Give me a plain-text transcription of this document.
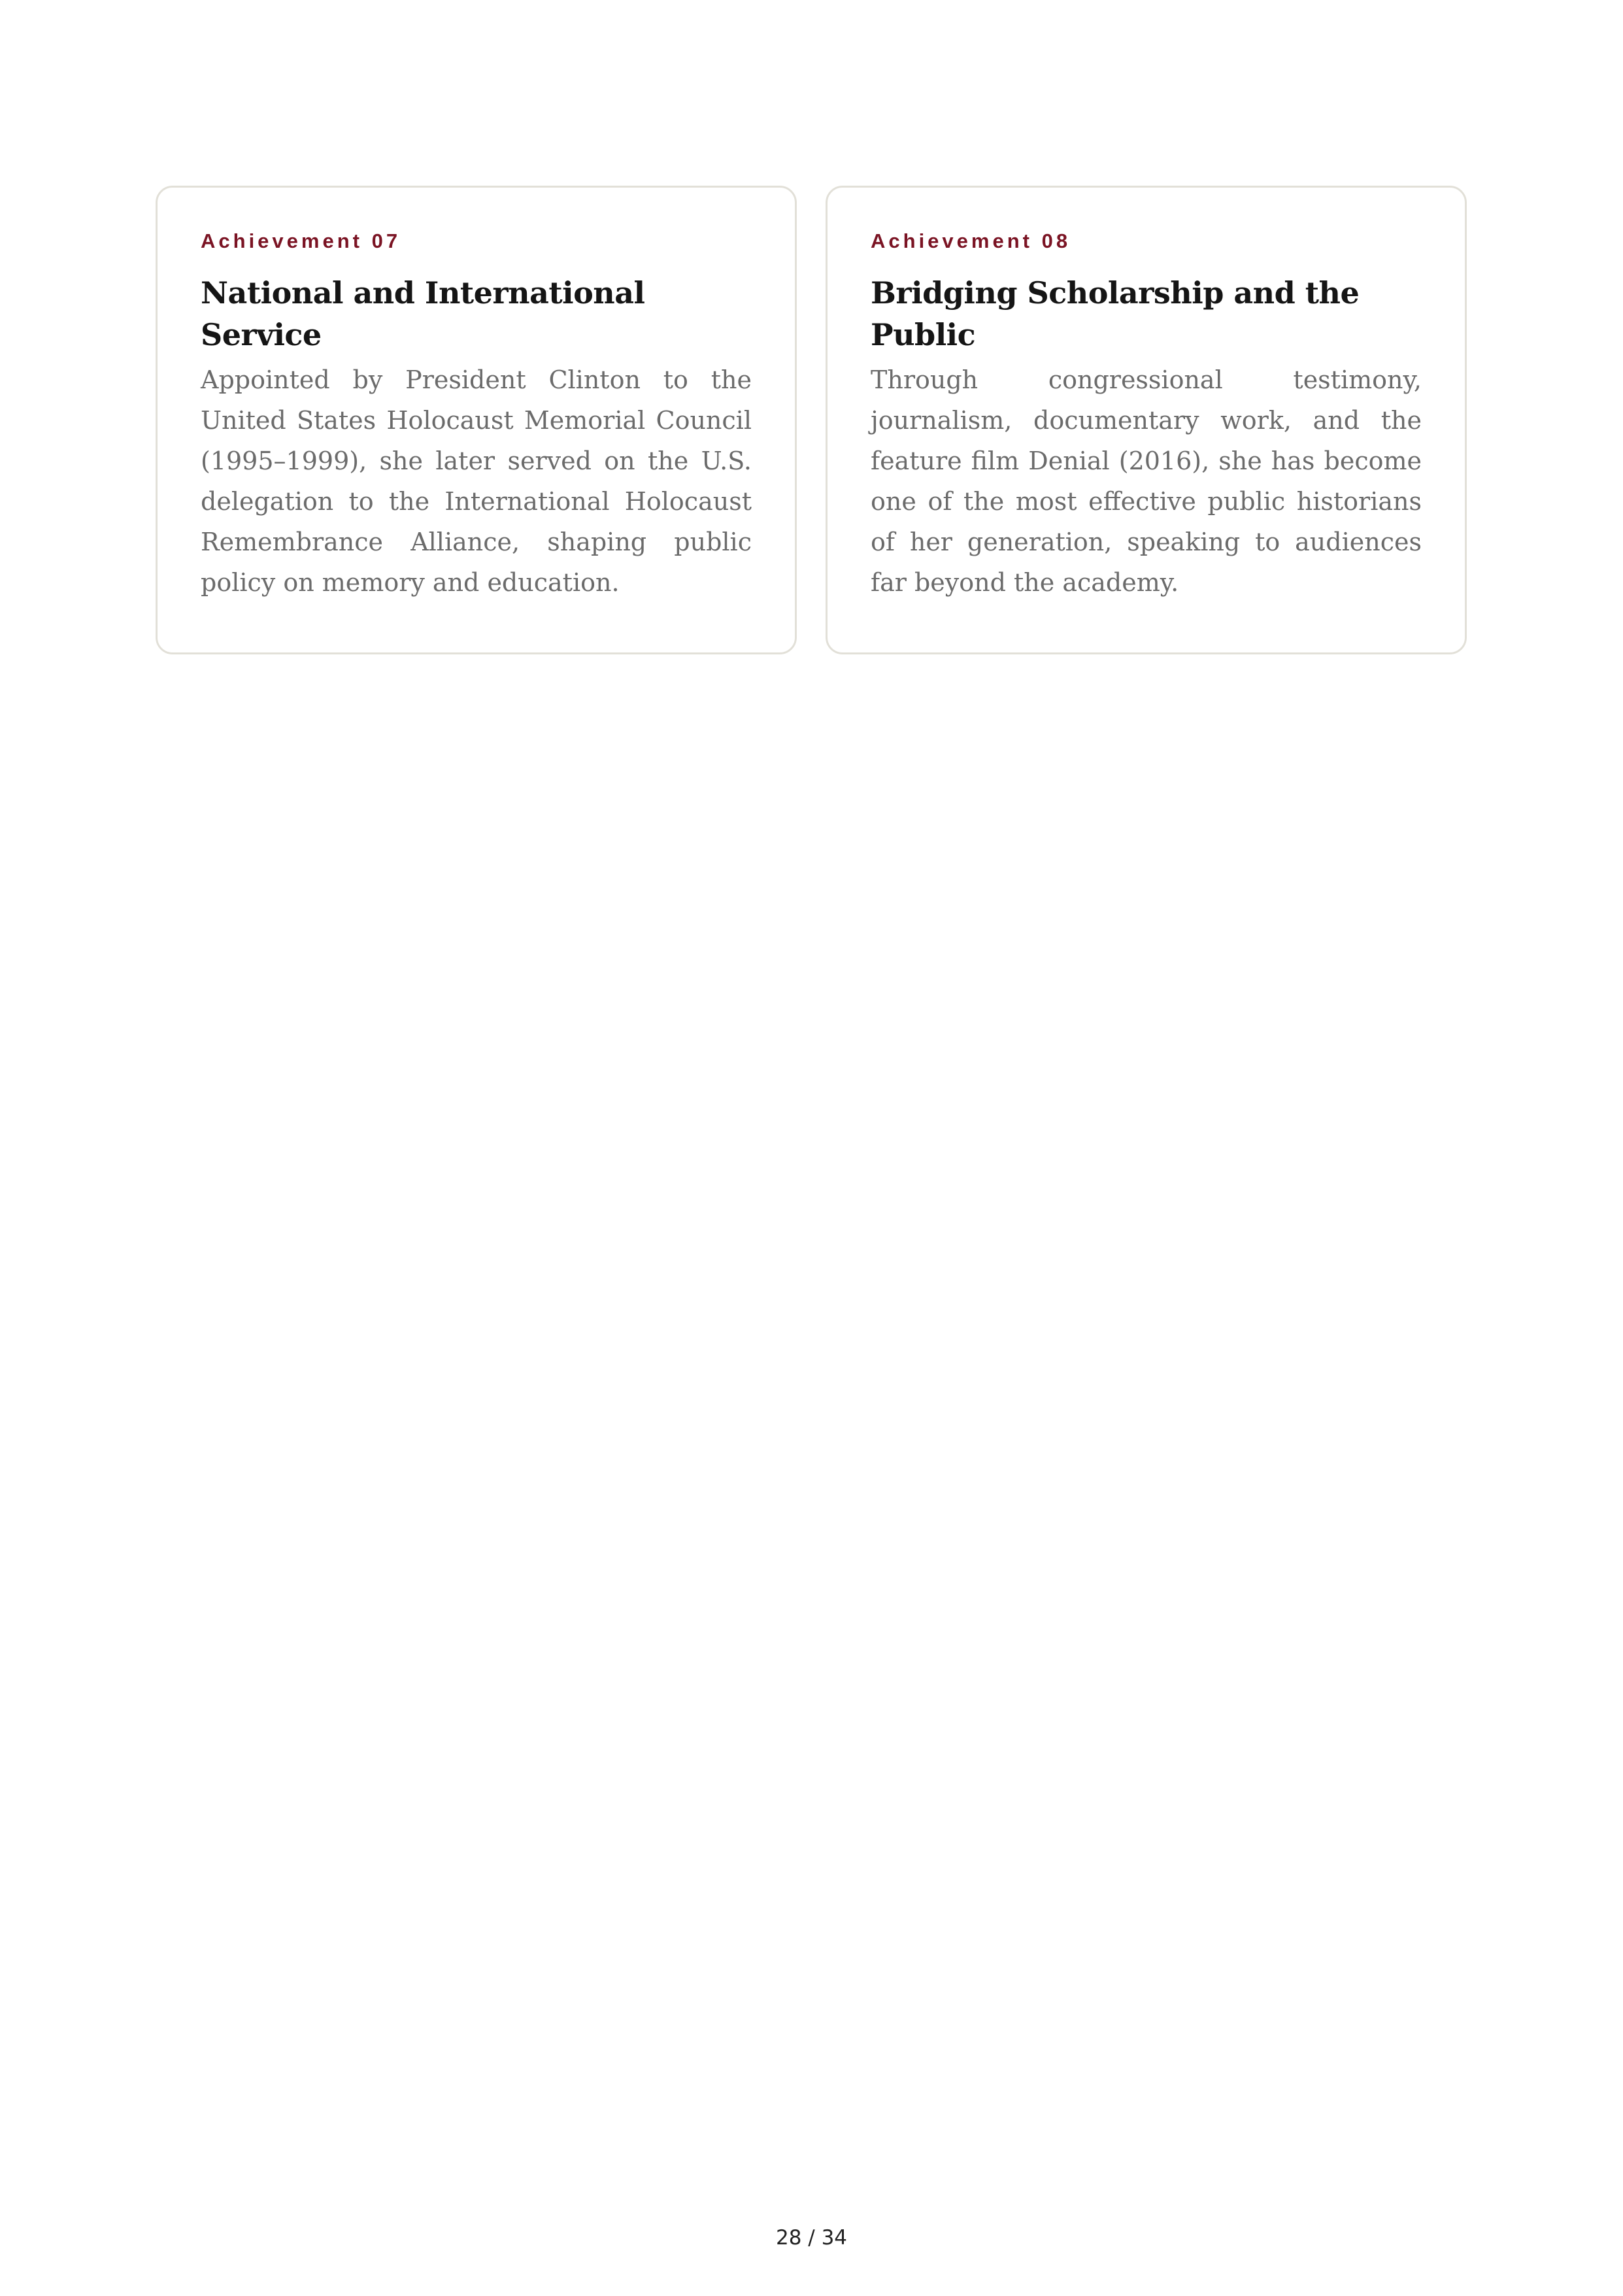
Achievement 07
National and International Service

Appointed by President Clinton to the United States Holocaust Memorial Council (1995–1999), she later served on the U.S. delegation to the International Holocaust Remembrance Alliance, shaping public policy on memory and education.

Achievement 08
Bridging Scholarship and the Public

Through congressional testimony, journalism, documentary work, and the feature film Denial (2016), she has become one of the most effective public historians of her generation, speaking to audiences far beyond the academy.

28 / 34
